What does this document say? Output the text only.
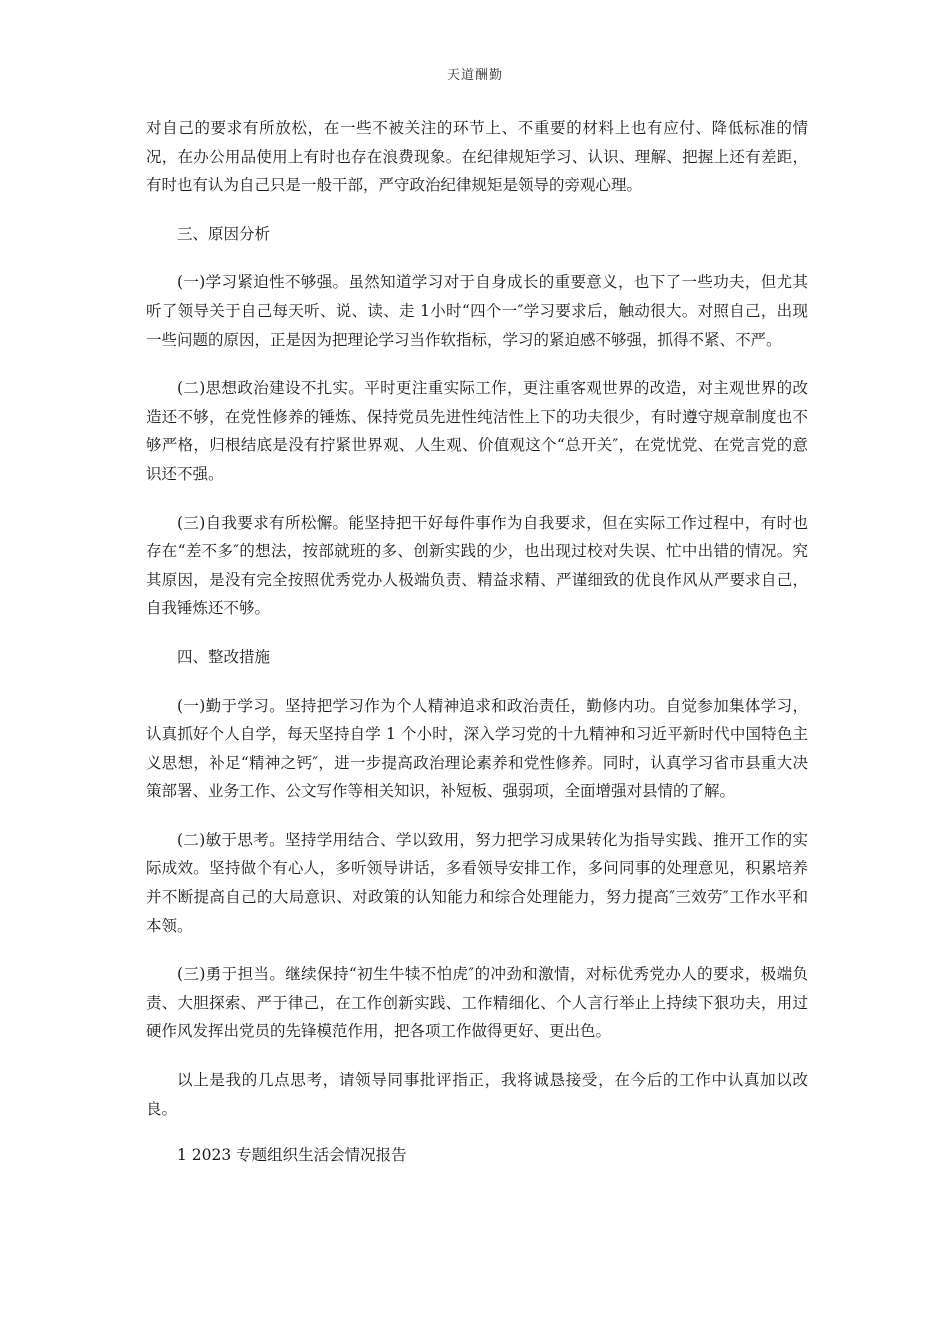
天道酬勤

对自己的要求有所放松，在一些不被关注的环节上、不重要的材料上也有应付、降低标准的情况，在办公用品使用上有时也存在浪费现象。在纪律规矩学习、认识、理解、把握上还有差距，有时也有认为自己只是一般干部，严守政治纪律规矩是领导的旁观心理。

三、原因分析

(一)学习紧迫性不够强。虽然知道学习对于自身成长的重要意义，也下了一些功夫，但尤其听了领导关于自己每天听、说、读、走 1小时“四个一″学习要求后，触动很大。对照自己，出现一些问题的原因，正是因为把理论学习当作软指标，学习的紧迫感不够强，抓得不紧、不严。

(二)思想政治建设不扎实。平时更注重实际工作，更注重客观世界的改造，对主观世界的改造还不够，在党性修养的锤炼、保持党员先进性纯洁性上下的功夫很少，有时遵守规章制度也不够严格，归根结底是没有拧紧世界观、人生观、价值观这个“总开关″，在党忧党、在党言党的意识还不强。

(三)自我要求有所松懈。能坚持把干好每件事作为自我要求，但在实际工作过程中，有时也存在“差不多″的想法，按部就班的多、创新实践的少，也出现过校对失误、忙中出错的情况。究其原因，是没有完全按照优秀党办人极端负责、精益求精、严谨细致的优良作风从严要求自己，自我锤炼还不够。

四、整改措施

(一)勤于学习。坚持把学习作为个人精神追求和政治责任，勤修内功。自觉参加集体学习，认真抓好个人自学，每天坚持自学 1 个小时，深入学习党的十九精神和习近平新时代中国特色主义思想，补足“精神之钙″，进一步提高政治理论素养和党性修养。同时，认真学习省市县重大决策部署、业务工作、公文写作等相关知识，补短板、强弱项，全面增强对县情的了解。

(二)敏于思考。坚持学用结合、学以致用，努力把学习成果转化为指导实践、推开工作的实际成效。坚持做个有心人，多听领导讲话，多看领导安排工作，多问同事的处理意见，积累培养并不断提高自己的大局意识、对政策的认知能力和综合处理能力，努力提高″三效劳″工作水平和本领。

(三)勇于担当。继续保持“初生牛犊不怕虎″的冲劲和激情，对标优秀党办人的要求，极端负责、大胆探索、严于律己，在工作创新实践、工作精细化、个人言行举止上持续下狠功夫，用过硬作风发挥出党员的先锋模范作用，把各项工作做得更好、更出色。

以上是我的几点思考，请领导同事批评指正，我将诚恳接受，在今后的工作中认真加以改良。

1 2023 专题组织生活会情况报告
